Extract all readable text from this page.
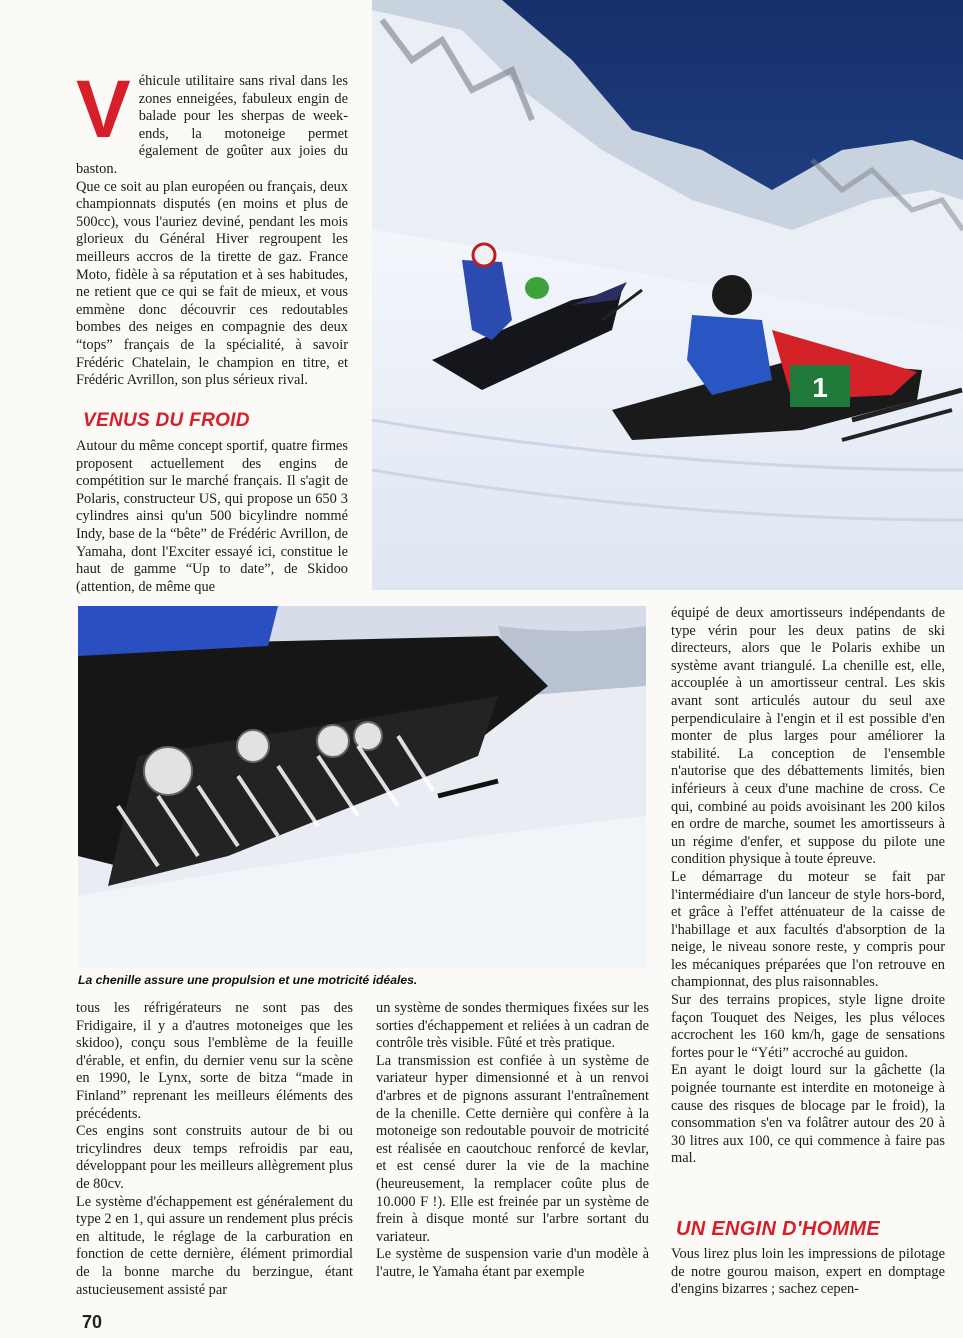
1

Véhicule utilitaire sans rival dans les zones enneigées, fabuleux engin de balade pour les sherpas de week-ends, la motoneige permet également de goûter aux joies du baston.

Que ce soit au plan européen ou français, deux championnats disputés (en moins et plus de 500cc), vous l'auriez deviné, pendant les mois glorieux du Général Hiver regroupent les meilleurs accros de la tirette de gaz. France Moto, fidèle à sa réputation et à ses habitudes, ne retient que ce qui se fait de mieux, et vous emmène donc découvrir ces redoutables bombes des neiges en compagnie des deux “tops” français de la spécialité, à savoir Frédéric Chatelain, le champion en titre, et Frédéric Avrillon, son plus sérieux rival.

VENUS DU FROID

Autour du même concept sportif, quatre firmes proposent actuellement des engins de compétition sur le marché français. Il s'agit de Polaris, constructeur US, qui propose un 650 3 cylindres ainsi qu'un 500 bicylindre nommé Indy, base de la “bête” de Frédéric Avrillon, de Yamaha, dont l'Exciter essayé ici, constitue le haut de gamme “Up to date”, de Skidoo (attention, de même que

La chenille assure une propulsion et une motricité idéales.

tous les réfrigérateurs ne sont pas des Fridigaire, il y a d'autres motoneiges que les skidoo), conçu sous l'emblème de la feuille d'érable, et enfin, du dernier venu sur la scène en 1990, le Lynx, sorte de bitza “made in Finland” reprenant les meilleurs éléments des précédents.

Ces engins sont construits autour de bi ou tricylindres deux temps refroidis par eau, développant pour les meilleurs allègrement plus de 80cv.

Le système d'échappement est généralement du type 2 en 1, qui assure un rendement plus précis en altitude, le réglage de la carburation en fonction de cette dernière, élément primordial de la bonne marche du berzingue, étant astucieusement assisté par

un système de sondes thermiques fixées sur les sorties d'échappement et reliées à un cadran de contrôle très visible. Fûté et très pratique.

La transmission est confiée à un système de variateur hyper dimensionné et à un renvoi d'arbres et de pignons assurant l'entraînement de la chenille. Cette dernière qui confère à la motoneige son redoutable pouvoir de motricité est réalisée en caoutchouc renforcé de kevlar, et est censé durer la vie de la machine (heureusement, la remplacer coûte plus de 10.000 F !). Elle est freinée par un système de frein à disque monté sur l'arbre sortant du variateur.

Le système de suspension varie d'un modèle à l'autre, le Yamaha étant par exemple

équipé de deux amortisseurs indépendants de type vérin pour les deux patins de ski directeurs, alors que le Polaris exhibe un système avant triangulé. La chenille est, elle, accouplée à un amortisseur central. Les skis avant sont articulés autour du seul axe perpendiculaire à l'engin et il est possible d'en monter de plus larges pour améliorer la stabilité. La conception de l'ensemble n'autorise que des débattements limités, bien inférieurs à ceux d'une machine de cross. Ce qui, combiné au poids avoisinant les 200 kilos en ordre de marche, soumet les amortisseurs à un régime d'enfer, et suppose du pilote une condition physique à toute épreuve.

Le démarrage du moteur se fait par l'intermédiaire d'un lanceur de style hors-bord, et grâce à l'effet atténuateur de la caisse de l'habillage et aux facultés d'absorption de la neige, le niveau sonore reste, y compris pour les mécaniques préparées que l'on retrouve en championnat, des plus raisonnables.

Sur des terrains propices, style ligne droite façon Touquet des Neiges, les plus véloces accrochent les 160 km/h, gage de sensations fortes pour le “Yéti” accroché au guidon.

En ayant le doigt lourd sur la gâchette (la poignée tournante est interdite en motoneige à cause des risques de blocage par le froid), la consommation s'en va folâtrer autour des 20 à 30 litres aux 100, ce qui commence à faire pas mal.

UN ENGIN D'HOMME

Vous lirez plus loin les impressions de pilotage de notre gourou maison, expert en domptage d'engins bizarres ; sachez cepen-

70
